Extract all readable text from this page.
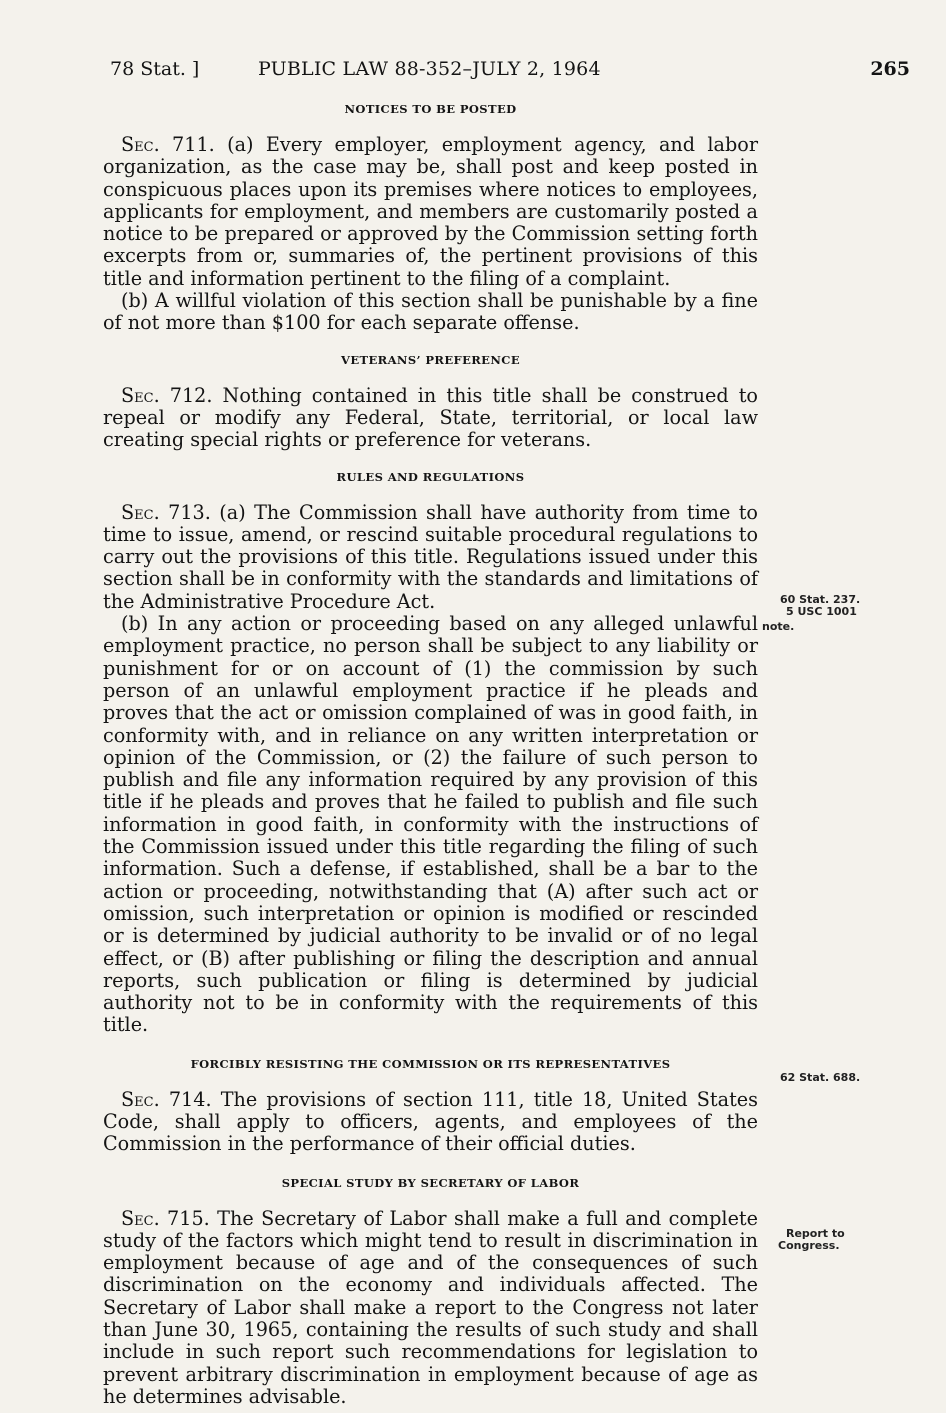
78 Stat. ]	PUBLIC LAW 88-352–JULY 2, 1964	265
NOTICES TO BE POSTED

Sec. 711. (a) Every employer, employment agency, and labor organization, as the case may be, shall post and keep posted in conspicuous places upon its premises where notices to employees, applicants for employment, and members are customarily posted a notice to be prepared or approved by the Commission setting forth excerpts from or, summaries of, the pertinent provisions of this title and information pertinent to the filing of a complaint.

(b) A willful violation of this section shall be punishable by a fine of not more than $100 for each separate offense.

VETERANS’ PREFERENCE

Sec. 712. Nothing contained in this title shall be construed to repeal or modify any Federal, State, territorial, or local law creating special rights or preference for veterans.

RULES AND REGULATIONS

Sec. 713. (a) The Commission shall have authority from time to time to issue, amend, or rescind suitable procedural regulations to carry out the provisions of this title. Regulations issued under this section shall be in conformity with the standards and limitations of the Administrative Procedure Act.

(b) In any action or proceeding based on any alleged unlawful employment practice, no person shall be subject to any liability or punishment for or on account of (1) the commission by such person of an unlawful employment practice if he pleads and proves that the act or omission complained of was in good faith, in conformity with, and in reliance on any written interpretation or opinion of the Commission, or (2) the failure of such person to publish and file any information required by any provision of this title if he pleads and proves that he failed to publish and file such information in good faith, in conformity with the instructions of the Commission issued under this title regarding the filing of such information. Such a defense, if established, shall be a bar to the action or proceeding, notwithstanding that (A) after such act or omission, such interpretation or opinion is modified or rescinded or is determined by judicial authority to be invalid or of no legal effect, or (B) after publishing or filing the description and annual reports, such publication or filing is determined by judicial authority not to be in conformity with the requirements of this title.

FORCIBLY RESISTING THE COMMISSION OR ITS REPRESENTATIVES

Sec. 714. The provisions of section 111, title 18, United States Code, shall apply to officers, agents, and employees of the Commission in the performance of their official duties.

SPECIAL STUDY BY SECRETARY OF LABOR

Sec. 715. The Secretary of Labor shall make a full and complete study of the factors which might tend to result in discrimination in employment because of age and of the consequences of such discrimination on the economy and individuals affected. The Secretary of Labor shall make a report to the Congress not later than June 30, 1965, containing the results of such study and shall include in such report such recommendations for legislation to prevent arbitrary discrimination in employment because of age as he determines advisable.

60 Stat. 237.
5 USC 1001
note.
62 Stat. 688.
Report to
Congress.
